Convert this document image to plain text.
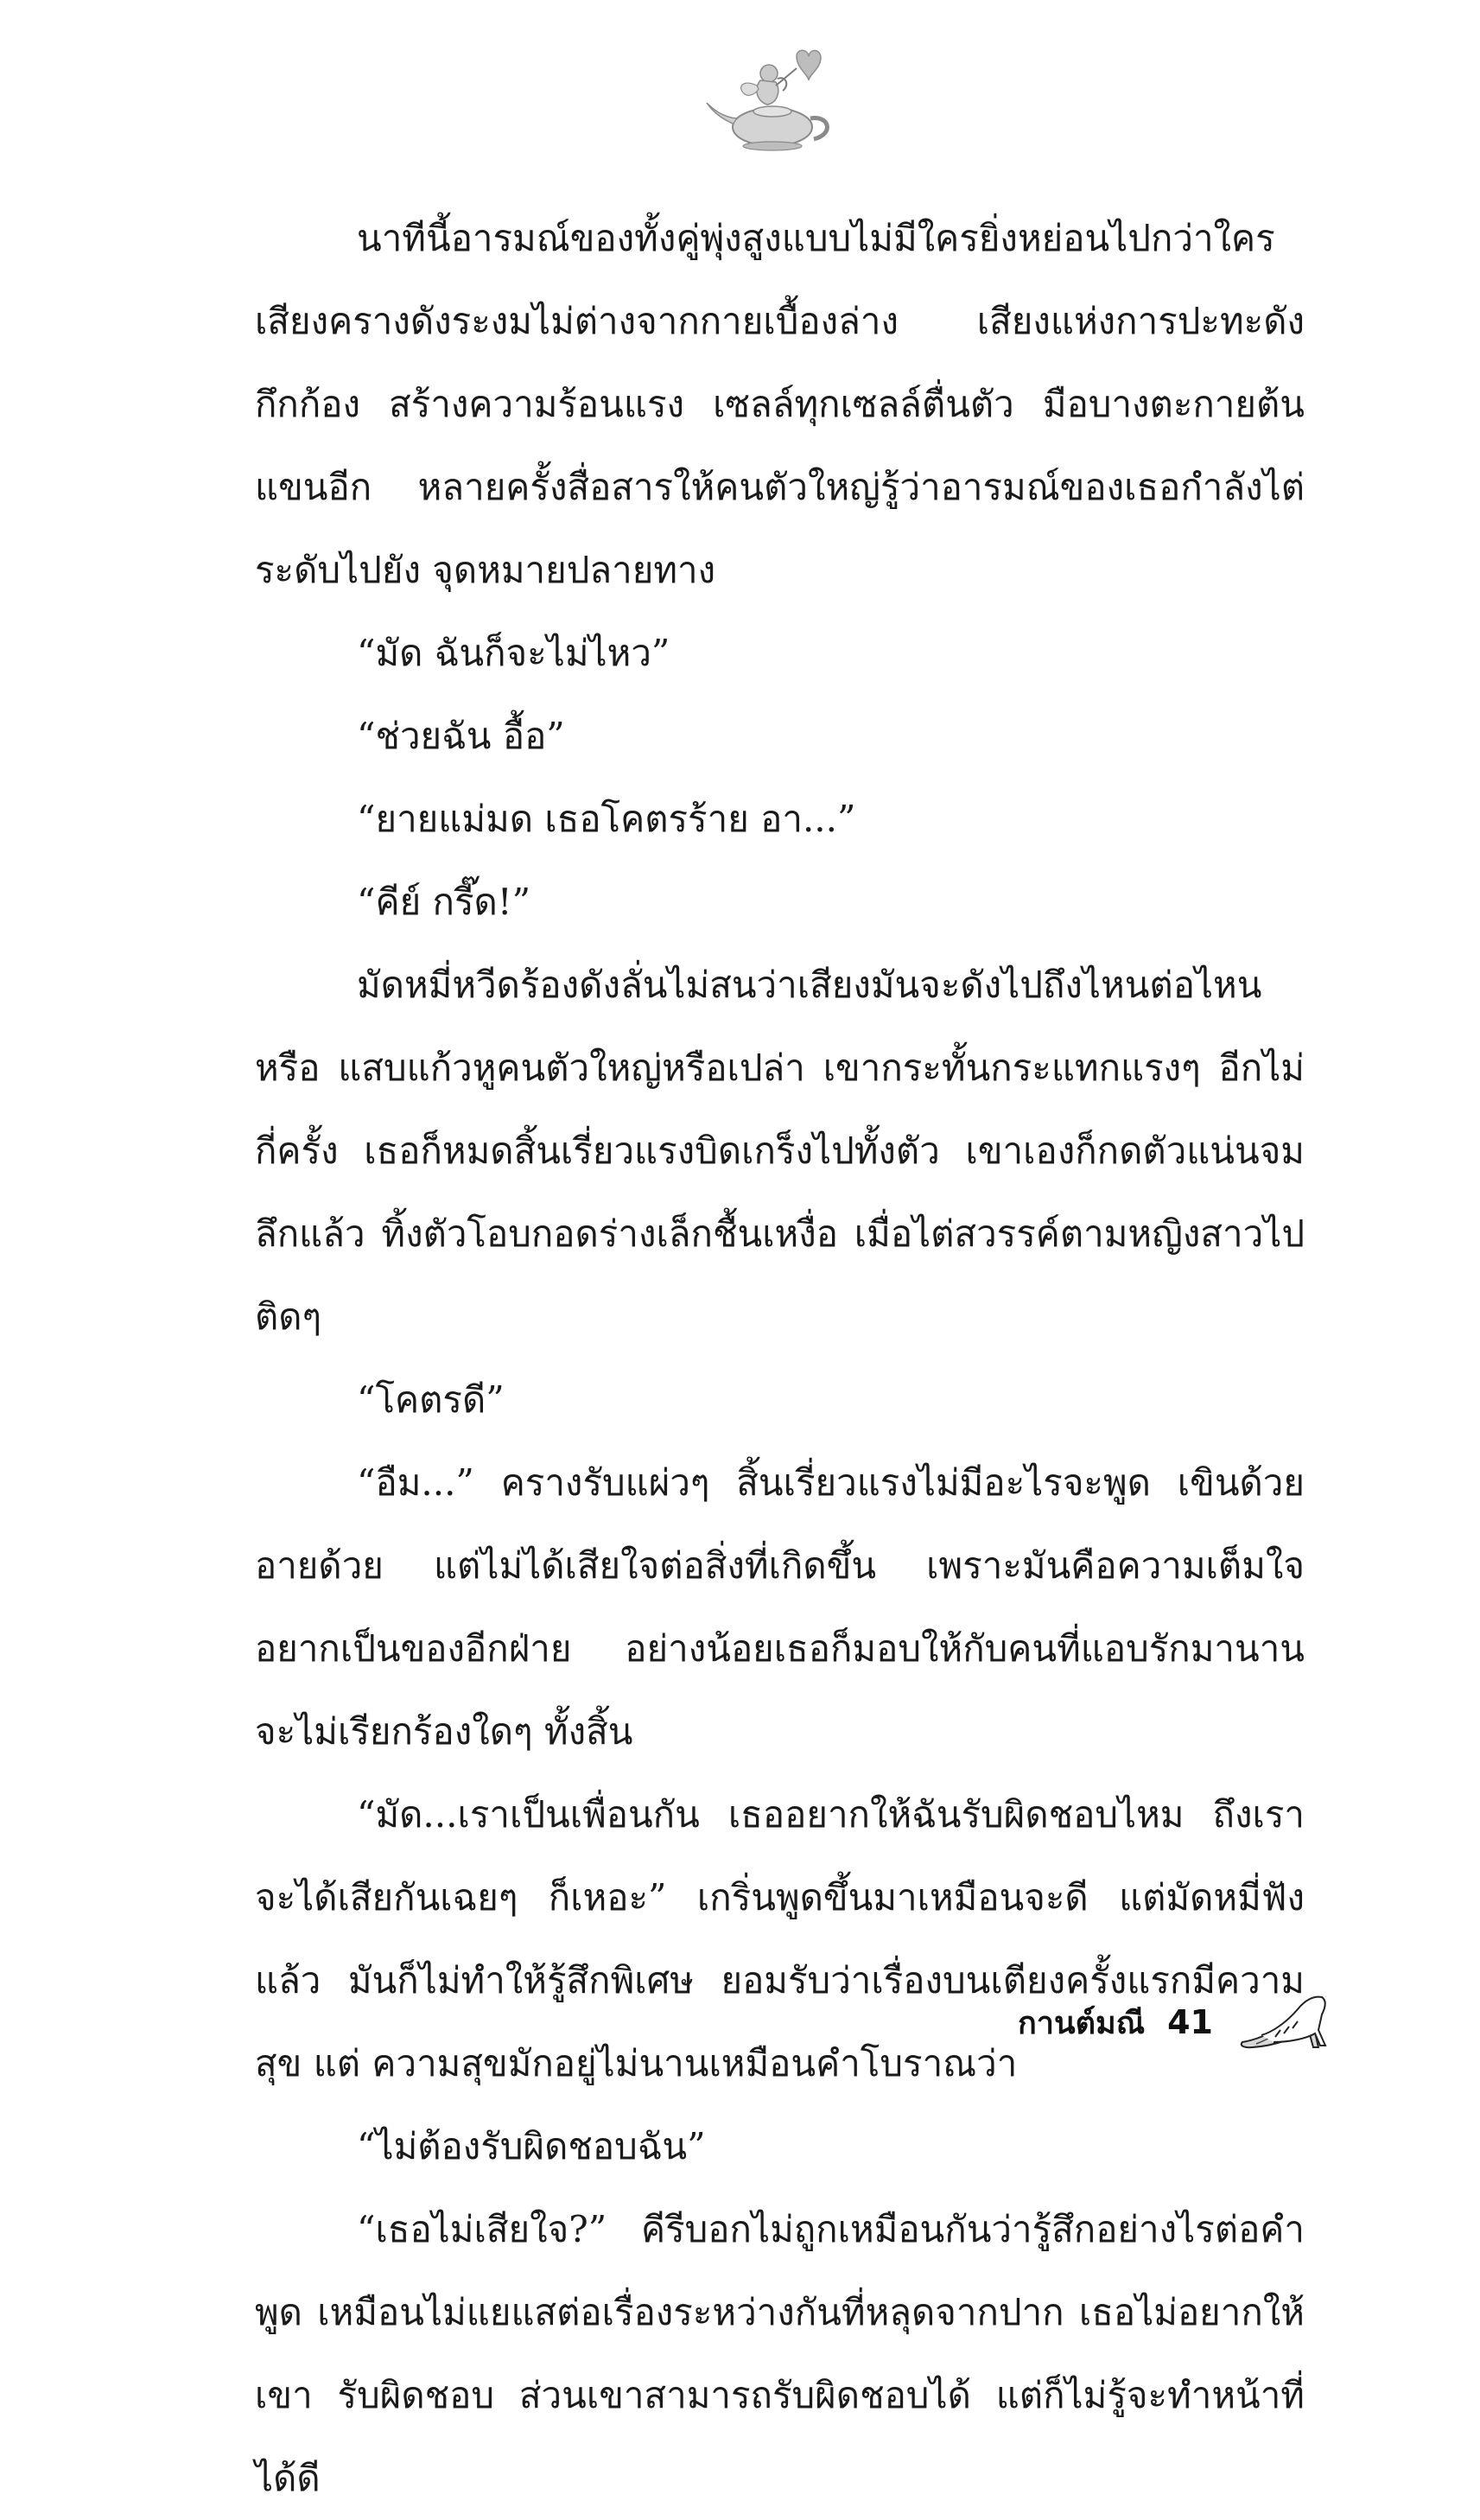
นาทีนี้อารมณ์ของทั้งคู่พุ่งสูงแบบไม่มีใครยิ่งหย่อนไปกว่าใคร เสียงครางดังระงมไม่ต่างจากกายเบื้องล่าง เสียงแห่งการปะทะดังกึกก้อง สร้างความร้อนแรง เซลล์ทุกเซลล์ตื่นตัว มือบางตะกายต้นแขนอีก หลายครั้งสื่อสารให้คนตัวใหญ่รู้ว่าอารมณ์ของเธอกำลังไต่ระดับไปยัง จุดหมายปลายทาง

“มัด ฉันก็จะไม่ไหว”

“ช่วยฉัน อื้อ”

“ยายแม่มด เธอโคตรร้าย อา...”

“คีย์ กรี๊ด!”

มัดหมี่หวีดร้องดังลั่นไม่สนว่าเสียงมันจะดังไปถึงไหนต่อไหน หรือ แสบแก้วหูคนตัวใหญ่หรือเปล่า เขากระทั้นกระแทกแรงๆ อีกไม่กี่ครั้ง เธอก็หมดสิ้นเรี่ยวแรงบิดเกร็งไปทั้งตัว เขาเองก็กดตัวแน่นจมลึกแล้ว ทิ้งตัวโอบกอดร่างเล็กชื้นเหงื่อ เมื่อไต่สวรรค์ตามหญิงสาวไปติดๆ

“โคตรดี”

“อืม...” ครางรับแผ่วๆ สิ้นเรี่ยวแรงไม่มีอะไรจะพูด เขินด้วย อายด้วย แต่ไม่ได้เสียใจต่อสิ่งที่เกิดขึ้น เพราะมันคือความเต็มใจ อยากเป็นของอีกฝ่าย อย่างน้อยเธอก็มอบให้กับคนที่แอบรักมานาน จะไม่เรียกร้องใดๆ ทั้งสิ้น

“มัด...เราเป็นเพื่อนกัน เธออยากให้ฉันรับผิดชอบไหม ถึงเรา จะได้เสียกันเฉยๆ ก็เหอะ” เกริ่นพูดขึ้นมาเหมือนจะดี แต่มัดหมี่ฟังแล้ว มันก็ไม่ทำให้รู้สึกพิเศษ ยอมรับว่าเรื่องบนเตียงครั้งแรกมีความสุข แต่ ความสุขมักอยู่ไม่นานเหมือนคำโบราณว่า

“ไม่ต้องรับผิดชอบฉัน”

“เธอไม่เสียใจ?” คีรีบอกไม่ถูกเหมือนกันว่ารู้สึกอย่างไรต่อคำพูด เหมือนไม่แยแสต่อเรื่องระหว่างกันที่หลุดจากปาก เธอไม่อยากให้เขา รับผิดชอบ ส่วนเขาสามารถรับผิดชอบได้ แต่ก็ไม่รู้จะทำหน้าที่ได้ดี

กานต์มณี 41
